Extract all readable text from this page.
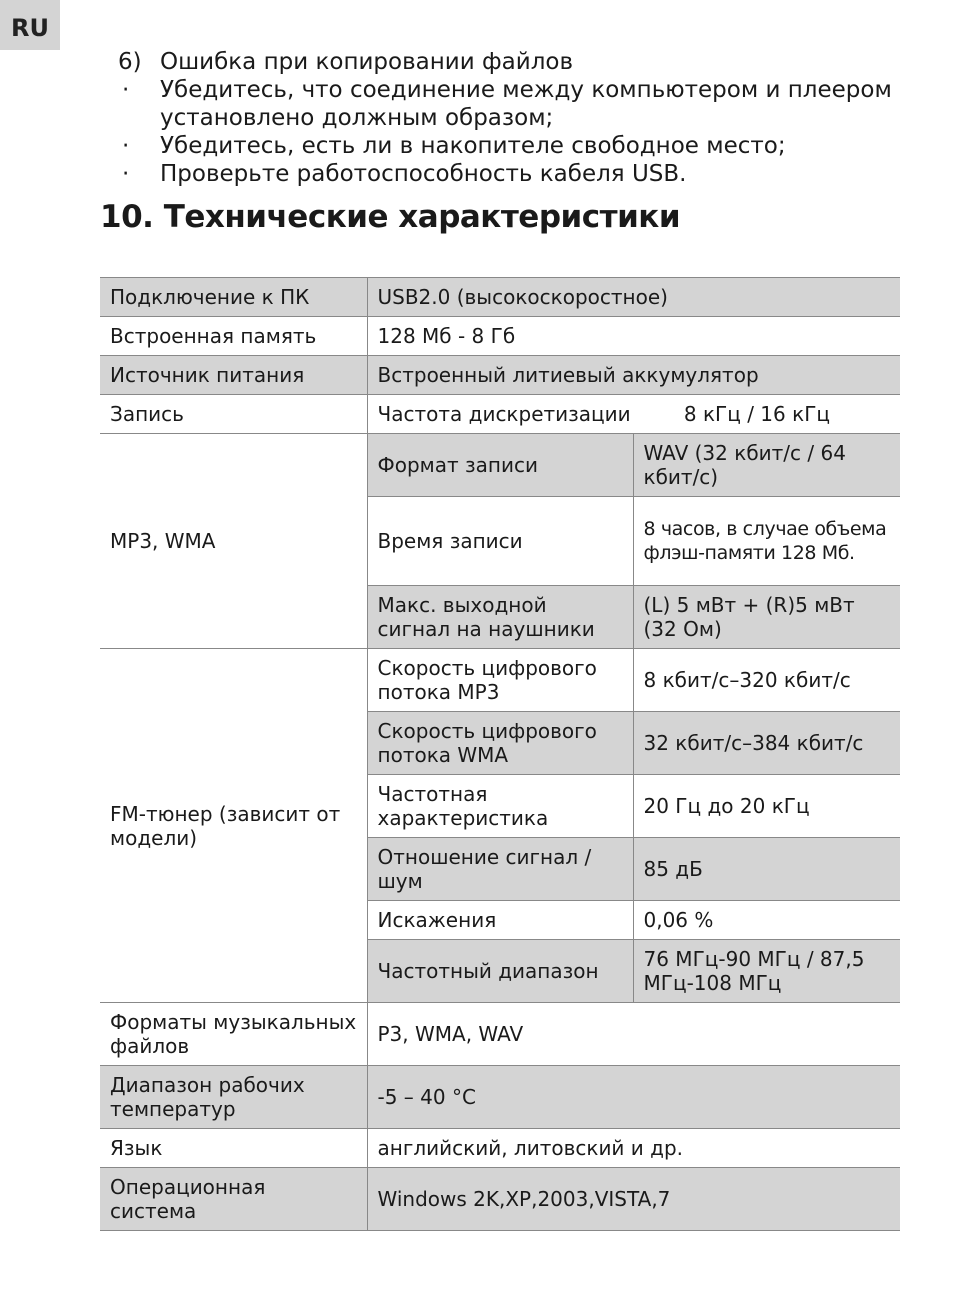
RU
6) Ошибка при копировании файлов
·	Убедитесь, что соединение между компьютером и плеером установлено должным образом;
·	Убедитесь, есть ли в накопителе свободное место;
·	Проверьте работоспособность кабеля USB.
10. Технические характеристики
Подключение к ПК	USB2.0 (высокоскоростное)	
Встроенная память	128 Мб - 8 Гб	
Источник питания	Встроенный литиевый аккумулятор	
Запись	Частота дискретизации 8 кГц / 16 кГц	

MP3, WMA	Формат записи	WAV (32 кбит/с / 64 кбит/с)
	Время записи	8 часов, в случае объема флэш-памяти 128 Мб.
	Макс. выходной сигнал на наушники	(L) 5 мВт + (R)5 мВт (32 Ом)
FM-тюнер (зависит от модели)	Скорость цифрового потока MP3	8 кбит/с–320 кбит/с
	Скорость цифрового потока WMA	32 кбит/с–384 кбит/с
	Частотная характеристика	20 Гц до 20 кГц
	Отношение сигнал / шум	85 дБ
	Искажения	0,06 %
	Частотный диапазон	76 МГц-90 МГц / 87,5 МГц-108 МГц
Форматы музыкальных файлов	P3, WMA, WAV	
Диапазон рабочих температур	-5 – 40 °C	
Язык	английский, литовский и др.	
Операционная система	Windows 2K,XP,2003,VISTA,7	
